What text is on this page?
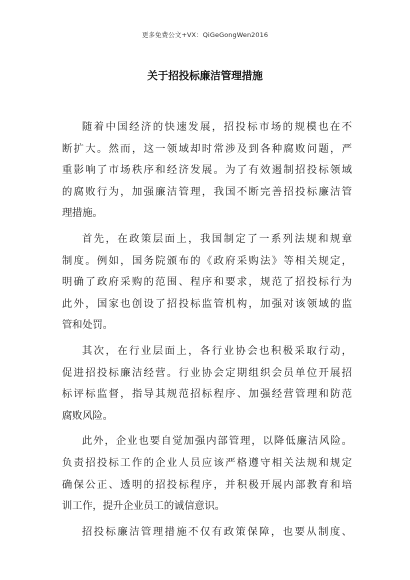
更多免费公文+VX：QiGeGongWen2016
关于招投标廉洁管理措施
随着中国经济的快速发展，招投标市场的规模也在不
断扩大。然而，这一领域却时常涉及到各种腐败问题，严
重影响了市场秩序和经济发展。为了有效遏制招投标领域
的腐败行为，加强廉洁管理，我国不断完善招投标廉洁管
理措施。
首先，在政策层面上，我国制定了一系列法规和规章
制度。例如，国务院颁布的《政府采购法》等相关规定，
明确了政府采购的范围、程序和要求，规范了招投标行为
此外，国家也创设了招投标监管机构，加强对该领域的监
管和处罚。
其次，在行业层面上，各行业协会也积极采取行动，
促进招投标廉洁经营。行业协会定期组织会员单位开展招
标评标监督，指导其规范招标程序、加强经营管理和防范
腐败风险。
此外，企业也要自觉加强内部管理，以降低廉洁风险。
负责招投标工作的企业人员应该严格遵守相关法规和规定
确保公正、透明的招投标程序，并积极开展内部教育和培
训工作，提升企业员工的诚信意识。
招投标廉洁管理措施不仅有政策保障，也要从制度、
